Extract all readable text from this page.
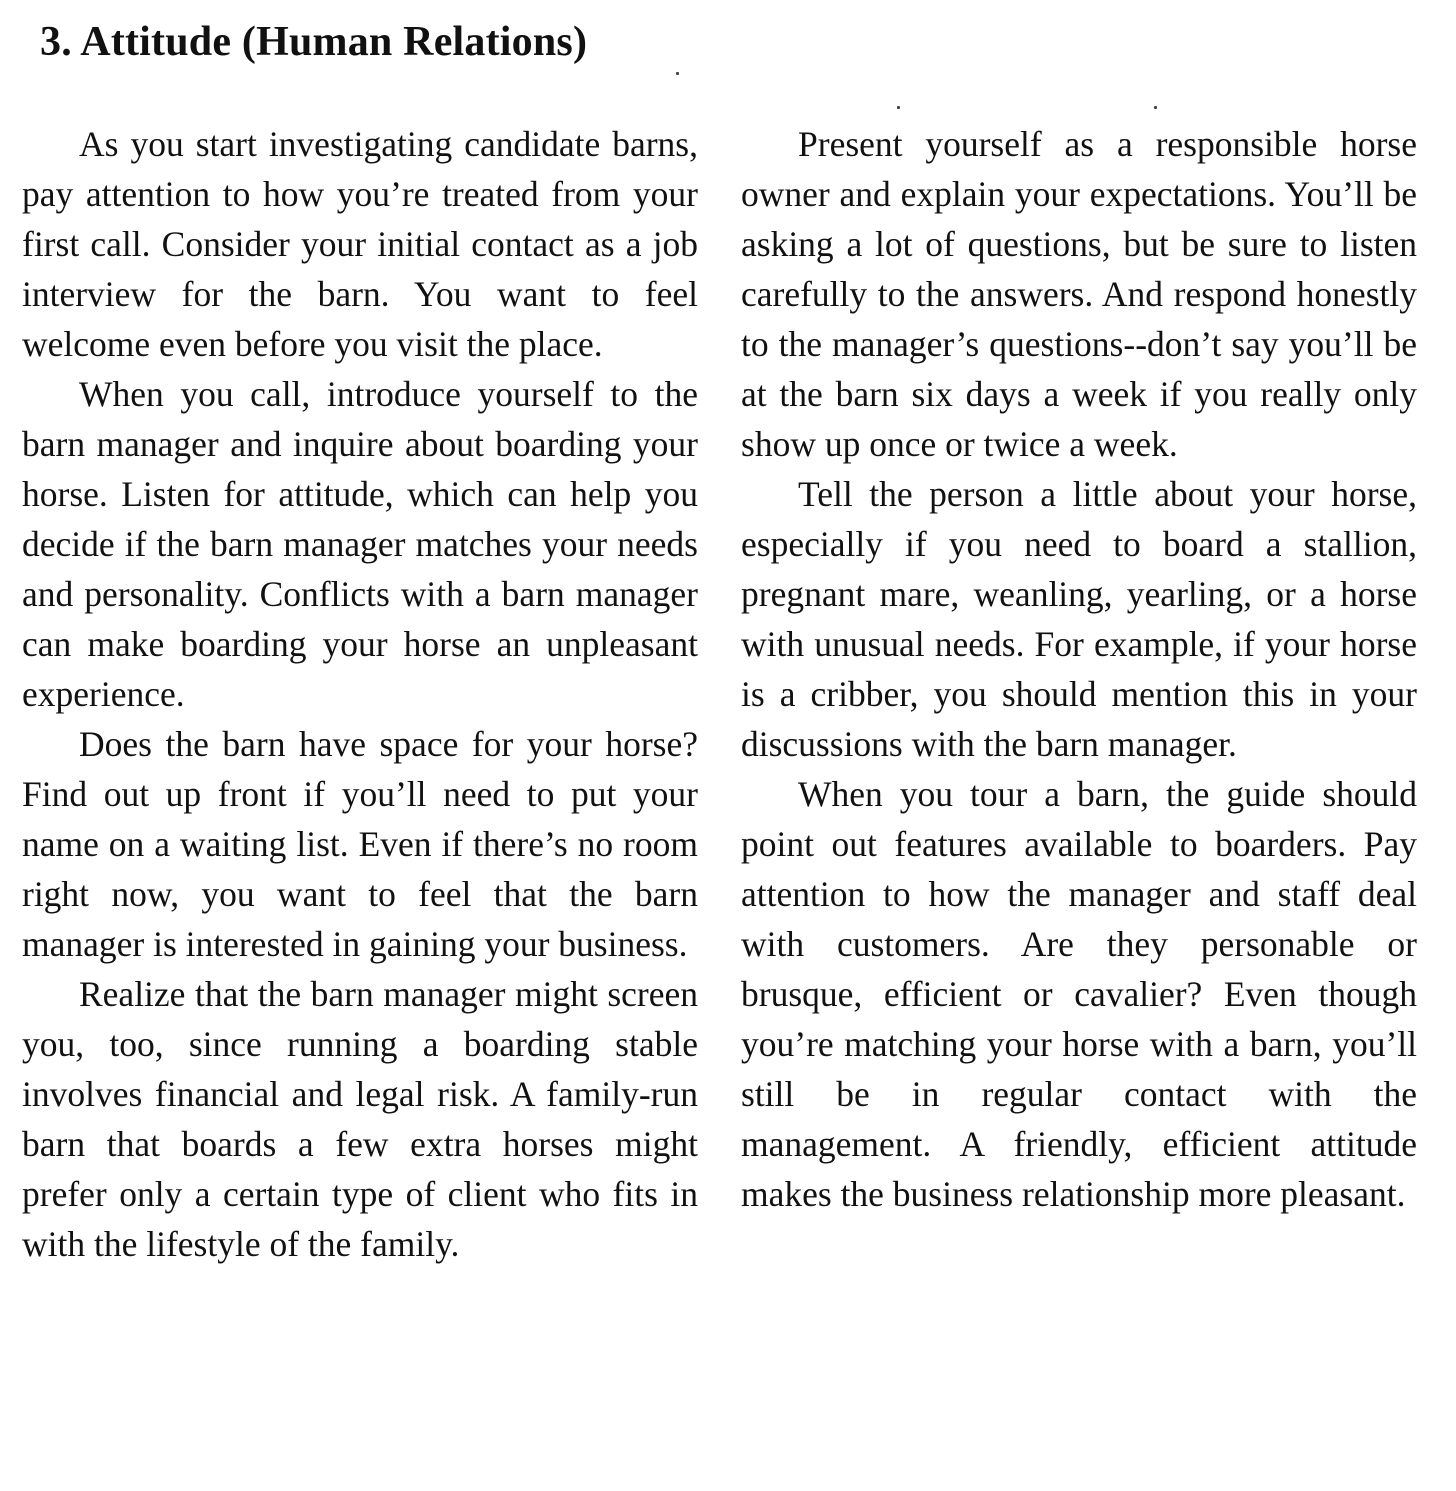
3. Attitude (Human Relations)

As you start investigating candidate barns, pay attention to how you’re treated from your first call. Consider your initial contact as a job interview for the barn. You want to feel welcome even before you visit the place.

When you call, introduce yourself to the barn manager and inquire about boarding your horse. Listen for attitude, which can help you decide if the barn manager matches your needs and personality. Conflicts with a barn manager can make boarding your horse an unpleasant experience.

Does the barn have space for your horse? Find out up front if you’ll need to put your name on a waiting list. Even if there’s no room right now, you want to feel that the barn manager is interested in gaining your business.

Realize that the barn manager might screen you, too, since running a boarding stable involves financial and legal risk. A family-run barn that boards a few extra horses might prefer only a certain type of client who fits in with the lifestyle of the family.

Present yourself as a responsible horse owner and explain your expectations. You’ll be asking a lot of questions, but be sure to listen carefully to the answers. And respond honestly to the manager’s questions--don’t say you’ll be at the barn six days a week if you really only show up once or twice a week.

Tell the person a little about your horse, especially if you need to board a stallion, pregnant mare, weanling, yearling, or a horse with unusual needs. For example, if your horse is a cribber, you should mention this in your discussions with the barn manager.

When you tour a barn, the guide should point out features available to boarders. Pay attention to how the manager and staff deal with customers. Are they personable or brusque, efficient or cavalier? Even though you’re matching your horse with a barn, you’ll still be in regular contact with the management. A friendly, efficient attitude makes the business relationship more pleasant.
